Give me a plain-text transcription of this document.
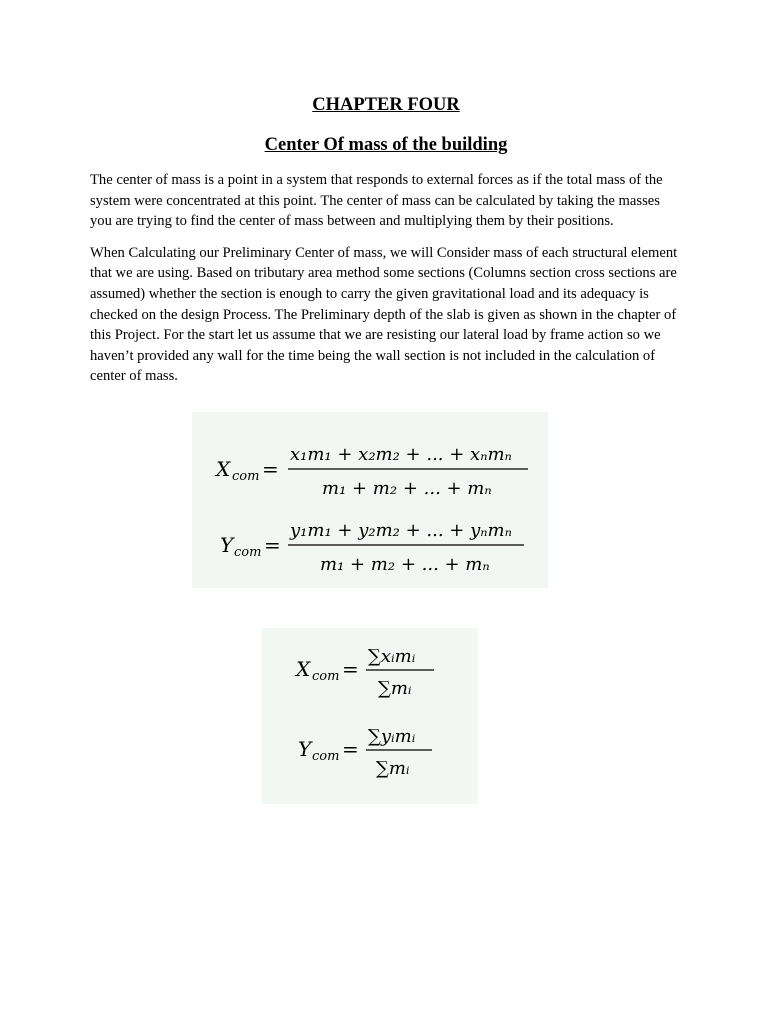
CHAPTER FOUR
Center Of mass of the building

The center of mass is a point in a system that responds to external forces as if the total mass of the system were concentrated at this point. The center of mass can be calculated by taking the masses you are trying to find the center of mass between and multiplying them by their positions.

When Calculating our Preliminary Center of mass, we will Consider mass of each structural element that we are using. Based on tributary area method some sections (Columns section cross sections are assumed) whether the section is enough to carry the given gravitational load and its adequacy is checked on the design Process. The Preliminary depth of the slab is given as shown in the chapter of this Project. For the start let us assume that we are resisting our lateral load by frame action so we haven’t provided any wall for the time being the wall section is not included in the calculation of center of mass.

X com =
x₁m₁ + x₂m₂ + ... + xₙmₙ
m₁ + m₂ + ... + mₙ
Y com =
y₁m₁ + y₂m₂ + ... + yₙmₙ
m₁ + m₂ + ... + mₙ
X com =
∑xᵢmᵢ
∑mᵢ
Y com =
∑yᵢmᵢ
∑mᵢ
